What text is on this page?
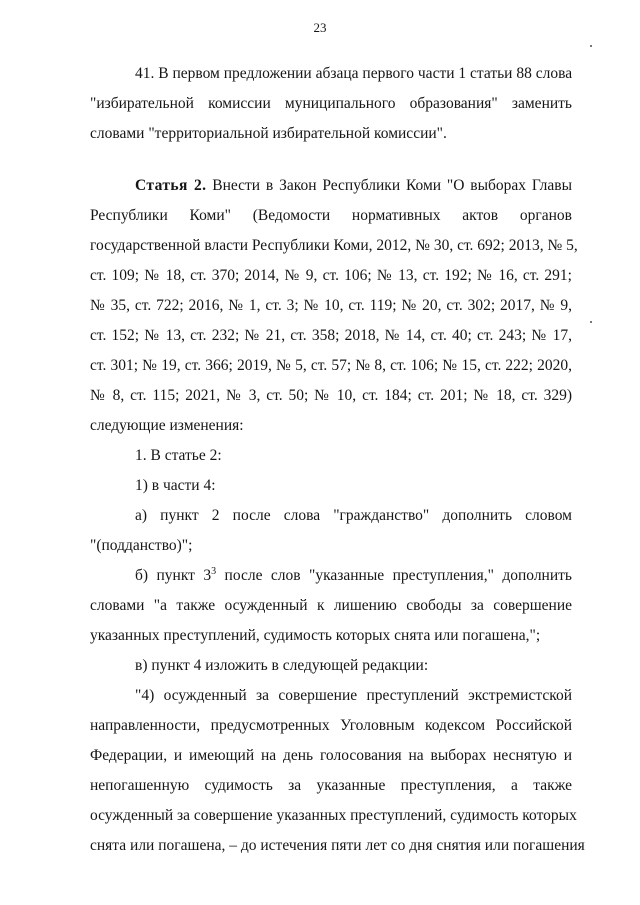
23
41. В первом предложении абзаца первого части 1 статьи 88 слова
"избирательной комиссии муниципального образования" заменить
словами "территориальной избирательной комиссии".
Статья 2. Внести в Закон Республики Коми "О выборах Главы
Республики Коми" (Ведомости нормативных актов органов
государственной власти Республики Коми, 2012, № 30, ст. 692; 2013, № 5,
ст. 109; № 18, ст. 370; 2014, № 9, ст. 106; № 13, ст. 192; № 16, ст. 291;
№ 35, ст. 722; 2016, № 1, ст. 3; № 10, ст. 119; № 20, ст. 302; 2017, № 9,
ст. 152; № 13, ст. 232; № 21, ст. 358; 2018, № 14, ст. 40; ст. 243; № 17,
ст. 301; № 19, ст. 366; 2019, № 5, ст. 57; № 8, ст. 106; № 15, ст. 222; 2020,
№ 8, ст. 115; 2021, № 3, ст. 50; № 10, ст. 184; ст. 201; № 18, ст. 329)
следующие изменения:
1. В статье 2:
1) в части 4:
а) пункт 2 после слова "гражданство" дополнить словом
"(подданство)";
б) пункт $3^3$ после слов "указанные преступления," дополнить
словами "а также осужденный к лишению свободы за совершение
указанных преступлений, судимость которых снята или погашена,";
в) пункт 4 изложить в следующей редакции:
"4) осужденный за совершение преступлений экстремистской
направленности, предусмотренных Уголовным кодексом Российской
Федерации, и имеющий на день голосования на выборах неснятую и
непогашенную судимость за указанные преступления, а также
осужденный за совершение указанных преступлений, судимость которых
снята или погашена, – до истечения пяти лет со дня снятия или погашения
